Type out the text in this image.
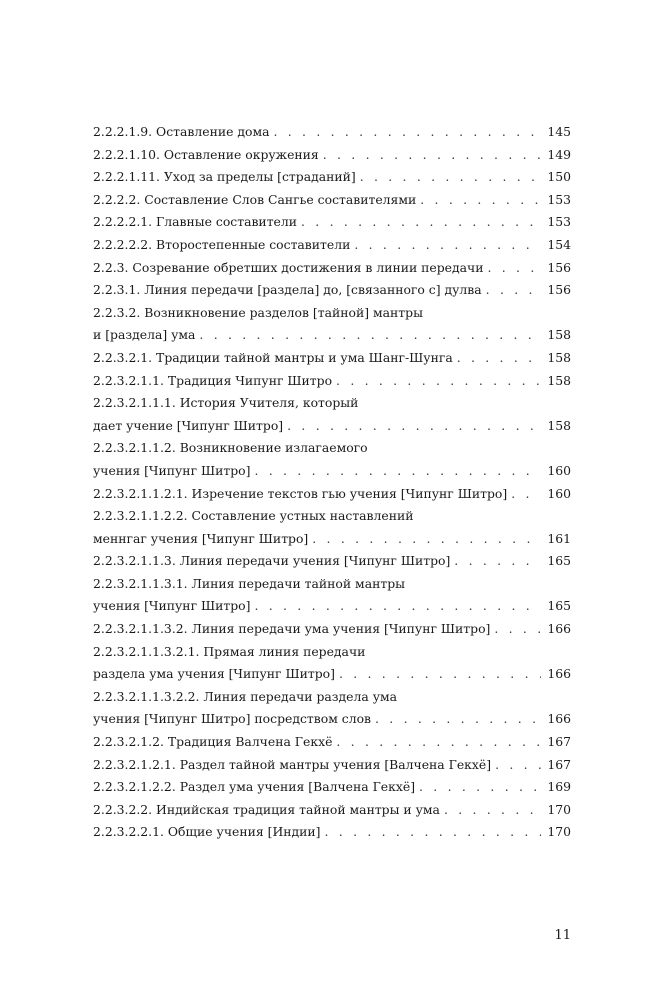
2.2.2.1.9. Оставление дома . . .	145
2.2.2.1.10. Оставление окружения . . .	149
2.2.2.1.11. Уход за пределы [страданий] . . .	150
2.2.2.2. Составление Слов Сангье составителями . . .	153
2.2.2.2.1. Главные составители . . .	153
2.2.2.2.2. Второстепенные составители . . .	154
2.2.3. Созревание обретших достижения в линии передачи . . .	156
2.2.3.1. Линия передачи [раздела] до, [связанного с] дулва . . .	156
2.2.3.2. Возникновение разделов [тайной] мантры
и [раздела] ума . . .	158
2.2.3.2.1. Традиции тайной мантры и ума Шанг-Шунга . . .	158
2.2.3.2.1.1. Традиция Чипунг Шитро . . .	158
2.2.3.2.1.1.1. История Учителя, который
дает учение [Чипунг Шитро] . . .	158
2.2.3.2.1.1.2. Возникновение излагаемого
учения [Чипунг Шитро] . . .	160
2.2.3.2.1.1.2.1. Изречение текстов гью учения [Чипунг Шитро] . . .	160
2.2.3.2.1.1.2.2. Составление устных наставлений
меннгаг учения [Чипунг Шитро] . . .	161
2.2.3.2.1.1.3. Линия передачи учения [Чипунг Шитро] . . .	165
2.2.3.2.1.1.3.1. Линия передачи тайной мантры
учения [Чипунг Шитро] . . .	165
2.2.3.2.1.1.3.2. Линия передачи ума учения [Чипунг Шитро] . . .	166
2.2.3.2.1.1.3.2.1. Прямая линия передачи
раздела ума учения [Чипунг Шитро] . . .	166
2.2.3.2.1.1.3.2.2. Линия передачи раздела ума
учения [Чипунг Шитро] посредством слов . . .	166
2.2.3.2.1.2. Традиция Валчена Гекхё . . .	167
2.2.3.2.1.2.1. Раздел тайной мантры учения [Валчена Гекхё] . . .	167
2.2.3.2.1.2.2. Раздел ума учения [Валчена Гекхё] . . .	169
2.2.3.2.2. Индийская традиция тайной мантры и ума . . .	170
2.2.3.2.2.1. Общие учения [Индии] . . .	170
11
